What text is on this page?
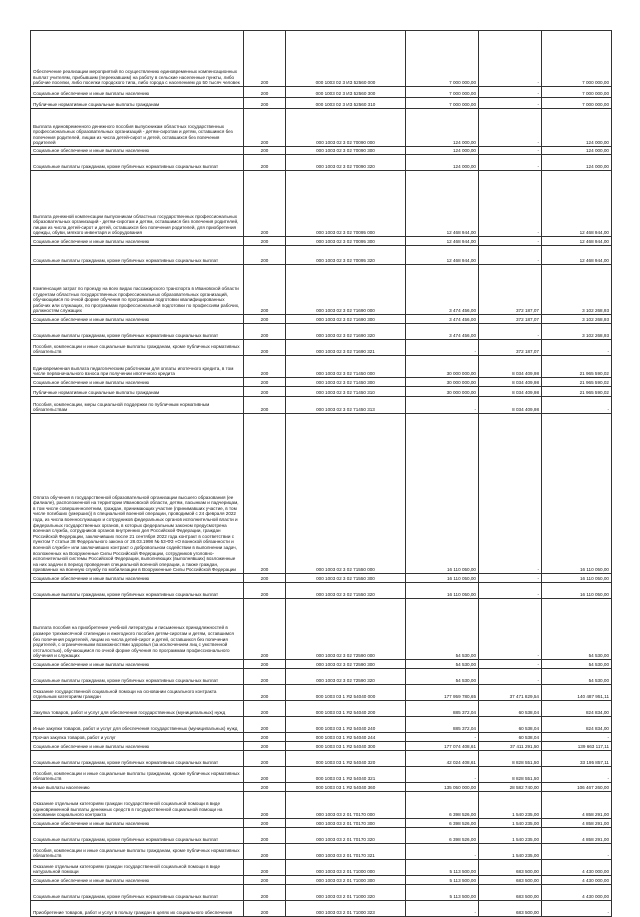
Обеспечение реализации мероприятий по осуществлению единовременных компенсационных выплат учителям, прибывшим (переехавшим) на работу в сельские населенные пункты, либо рабочие поселки, либо поселки городского типа, либо города с населением до 50 тысяч человек	200	000 1003 02 3 ИЗ 52560 000	7 000 000,00	-	7 000 000,00
Социальное обеспечение и иные выплаты населению	200	000 1003 02 3 ИЗ 52560 300	7 000 000,00	-	7 000 000,00
Публичные нормативные социальные выплаты гражданам	200	000 1003 02 3 ИЗ 52560 310	7 000 000,00	-	7 000 000,00
Выплата единовременного денежного пособия выпускникам областных государственных профессиональных образовательных организаций - детям-сиротам и детям, оставшимся без попечения родителей, лицам из числа детей-сирот и детей, оставшихся без попечения родителей	200	000 1003 02 3 02 70090 000	124 000,00	-	124 000,00
Социальное обеспечение и иные выплаты населению	200	000 1003 02 3 02 70090 300	124 000,00	-	124 000,00
Социальные выплаты гражданам, кроме публичных нормативных социальных выплат	200	000 1003 02 3 02 70090 320	124 000,00	-	124 000,00
Выплата денежной компенсации выпускникам областных государственных профессиональных образовательных организаций - детям-сиротам и детям, оставшимся без попечения родителей, лицам из числа детей-сирот и детей, оставшихся без попечения родителей, для приобретения одежды, обуви, мягкого инвентаря и оборудования	200	000 1003 02 3 02 70095 000	12 468 944,00	-	12 468 944,00
Социальное обеспечение и иные выплаты населению	200	000 1003 02 3 02 70095 300	12 468 944,00	-	12 468 944,00
Социальные выплаты гражданам, кроме публичных нормативных социальных выплат	200	000 1003 02 3 02 70095 320	12 468 944,00	-	12 468 944,00
Компенсация затрат по проезду на всех видах пассажирского транспорта в Ивановской области студентам областных государственных профессиональных образовательных организаций, обучающимся по очной форме обучения по программам подготовки квалифицированных рабочих или служащих, по программам профессиональной подготовки по профессиям рабочих, должностям служащих	200	000 1003 02 3 02 71690 000	3 474 456,00	372 187,07	3 102 268,93
Социальное обеспечение и иные выплаты населению	200	000 1003 02 3 02 71690 300	3 474 456,00	372 187,07	3 102 268,93
Социальные выплаты гражданам, кроме публичных нормативных социальных выплат	200	000 1003 02 3 02 71690 320	3 474 456,00	-	3 102 268,93
Пособия, компенсации и иные социальные выплаты гражданам, кроме публичных нормативных обязательств	200	000 1003 02 3 02 71690 321	-	372 187,07	-
Единовременная выплата педагогическим работникам для оплаты ипотечного кредита, в том числе первоначального взноса при получении ипотечного кредита	200	000 1003 02 3 02 71450 000	30 000 000,00	8 034 409,98	21 965 590,02
Социальное обеспечение и иные выплаты населению	200	000 1003 02 3 02 71450 300	30 000 000,00	8 034 409,98	21 965 590,02
Публичные нормативные социальные выплаты гражданам	200	000 1003 02 3 02 71450 310	30 000 000,00	8 034 409,98	21 965 590,02
Пособия, компенсации, меры социальной поддержки по публичным нормативным обязательствам	200	000 1003 02 3 02 71450 313	-	8 034 409,98	-
Оплата обучения в государственной образовательной организации высшего образования (ее филиале), расположенной на территории Ивановской области, детям, пасынкам и падчерицам, в том числе совершеннолетним, граждан, принимающих участие (принимавших участие, в том числе погибших (умерших)) в специальной военной операции, проводимой с 24 февраля 2022 года, из числа военнослужащих и сотрудников федеральных органов исполнительной власти и федеральных государственных органов, в которых федеральным законом предусмотрена военная служба, сотрудников органов внутренних дел Российской Федерации, граждан Российской Федерации, заключивших после 21 сентября 2022 года контракт в соответствии с пунктом 7 статьи 38 Федерального закона от 28.03.1998 № 53-ФЗ «О воинской обязанности и военной службе» или заключивших контракт о добровольном содействии в выполнении задач, возложенных на Вооруженные Силы Российской Федерации, сотрудников уголовно-исполнительной системы Российской Федерации, выполняющих (выполнявших) возложенные на них задачи в период проведения специальной военной операции, а также граждан, призванных на военную службу по мобилизации в Вооруженные Силы Российской Федерации	200	000 1003 02 3 02 71550 000	16 110 050,00	-	16 110 050,00
Социальное обеспечение и иные выплаты населению	200	000 1003 02 3 02 71550 300	16 110 050,00	-	16 110 050,00
Социальные выплаты гражданам, кроме публичных нормативных социальных выплат	200	000 1003 02 3 02 71550 320	16 110 050,00	-	16 110 050,00
Выплата пособия на приобретение учебной литературы и письменных принадлежностей в размере трехмесячной стипендии и ежегодного пособия детям-сиротам и детям, оставшимся без попечения родителей, лицам из числа детей-сирот и детей, оставшихся без попечения родителей, с ограниченными возможностями здоровья (за исключением лиц с умственной отсталостью), обучающимся по очной форме обучения по программам профессионального обучения и служащих	200	000 1003 02 3 02 72590 000	54 530,00	-	54 530,00
Социальное обеспечение и иные выплаты населению	200	000 1003 02 3 02 72590 300	54 530,00	-	54 530,00
Социальные выплаты гражданам, кроме публичных нормативных социальных выплат	200	000 1003 02 3 02 72590 320	54 530,00	-	54 530,00
Оказание государственной социальной помощи на основании социального контракта отдельным категориям граждан	200	000 1003 03 1 Я2 54040 000	177 959 780,65	37 471 829,54	140 487 951,11
Закупка товаров, работ и услуг для обеспечения государственных (муниципальных) нужд	200	000 1003 03 1 Я2 54040 200	885 372,04	60 538,04	824 834,00
Иные закупки товаров, работ и услуг для обеспечения государственных (муниципальных) нужд	200	000 1003 03 1 Я2 54040 240	885 372,04	60 538,04	824 834,00
Прочая закупка товаров, работ и услуг	200	000 1003 03 1 Я2 54040 244	-	60 538,04	-
Социальное обеспечение и иные выплаты населению	200	000 1003 03 1 Я2 54040 300	177 074 408,61	37 411 291,50	139 663 117,11
Социальные выплаты гражданам, кроме публичных нормативных социальных выплат	200	000 1003 03 1 Я2 54040 320	42 024 408,61	8 828 551,50	33 195 857,11
Пособия, компенсации и иные социальные выплаты гражданам, кроме публичных нормативных обязательств	200	000 1003 03 1 Я2 54040 321	-	8 828 551,50	-
Иные выплаты населению	200	000 1003 03 1 Я2 54040 360	135 050 000,00	28 582 740,00	106 467 260,00
Оказание отдельным категориям граждан государственной социальной помощи в виде единовременной выплаты денежных средств в государственной социальной помощи на основании социального контракта	200	000 1003 03 2 01 70170 000	6 398 526,00	1 540 235,00	4 858 291,00
Социальное обеспечение и иные выплаты населению	200	000 1003 03 2 01 70170 300	6 398 526,00	1 540 235,00	4 858 291,00
Социальные выплаты гражданам, кроме публичных нормативных социальных выплат	200	000 1003 03 2 01 70170 320	6 398 526,00	1 540 235,00	4 858 291,00
Пособия, компенсации и иные социальные выплаты гражданам, кроме публичных нормативных обязательств	200	000 1003 03 2 01 70170 321	-	1 540 235,00	-
Оказание отдельным категориям граждан государственной социальной помощи в виде натуральной помощи	200	000 1003 03 2 01 71000 000	5 113 500,00	683 500,00	4 430 000,00
Социальное обеспечение и иные выплаты населению	200	000 1003 03 2 01 71000 300	5 113 500,00	683 500,00	4 430 000,00
Социальные выплаты гражданам, кроме публичных нормативных социальных выплат	200	000 1003 03 2 01 71000 320	5 113 500,00	683 500,00	4 430 000,00
Приобретение товаров, работ и услуг в пользу граждан в целях их социального обеспечения	200	000 1003 03 2 01 71000 323	-	683 500,00	-
